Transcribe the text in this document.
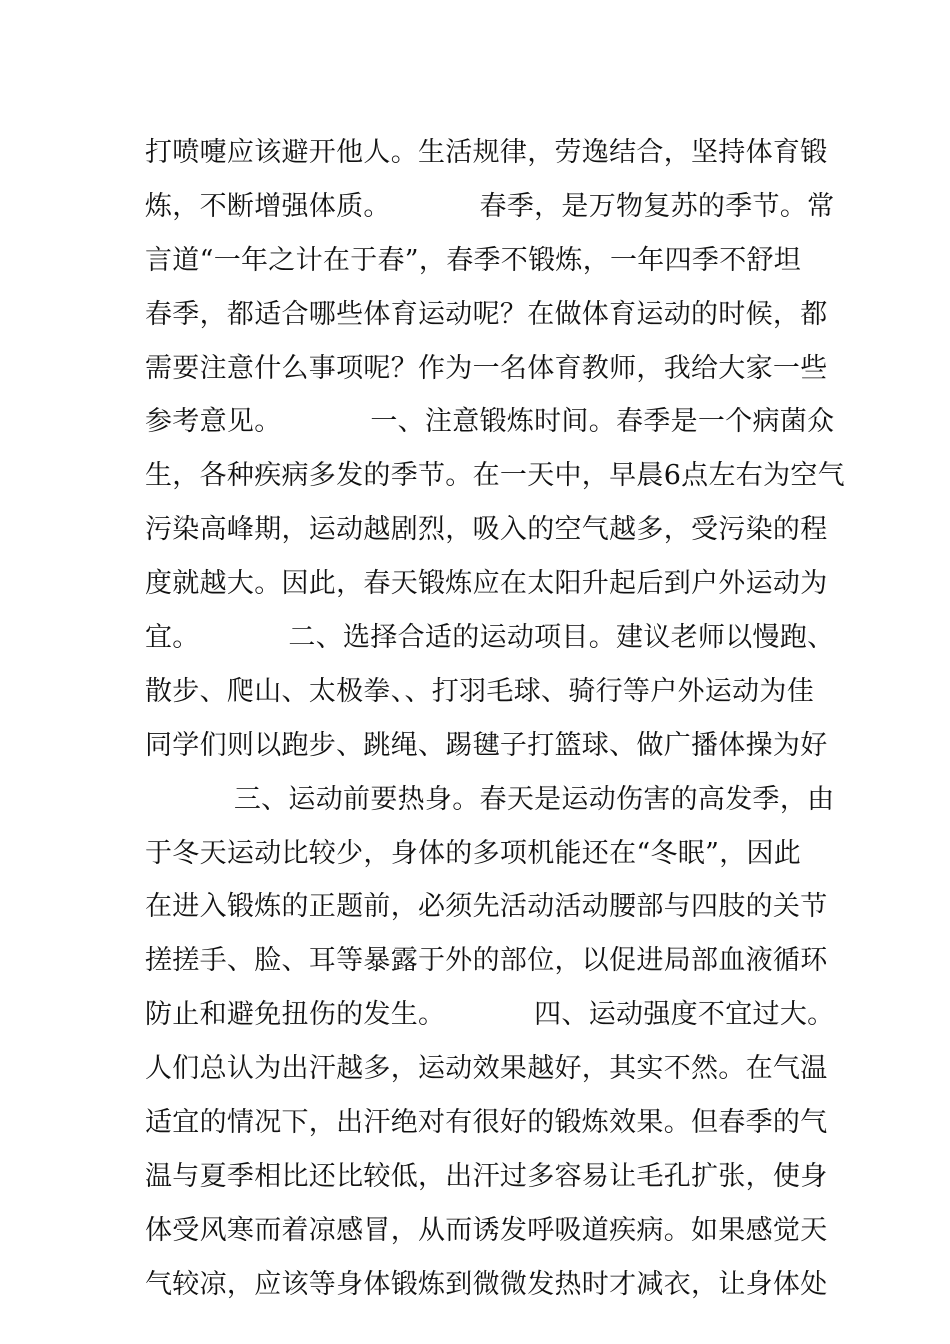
打喷嚏应该避开他人。生活规律，劳逸结合，坚持体育锻
炼，不断增强体质。          春季，是万物复苏的季节。常
言道“一年之计在于春”，春季不锻炼，一年四季不舒坦
春季，都适合哪些体育运动呢？在做体育运动的时候，都
需要注意什么事项呢？作为一名体育教师，我给大家一些
参考意见。          一、注意锻炼时间。春季是一个病菌众
生，各种疾病多发的季节。在一天中，早晨6点左右为空气
污染高峰期，运动越剧烈，吸入的空气越多，受污染的程
度就越大。因此，春天锻炼应在太阳升起后到户外运动为
宜。          二、选择合适的运动项目。建议老师以慢跑、
散步、爬山、太极拳、、打羽毛球、骑行等户外运动为佳
同学们则以跑步、跳绳、踢毽子打篮球、做广播体操为好
三、运动前要热身。春天是运动伤害的高发季，由
于冬天运动比较少，身体的多项机能还在“冬眠”，因此
在进入锻炼的正题前，必须先活动活动腰部与四肢的关节
搓搓手、脸、耳等暴露于外的部位，以促进局部血液循环
防止和避免扭伤的发生。          四、运动强度不宜过大。
人们总认为出汗越多，运动效果越好，其实不然。在气温
适宜的情况下，出汗绝对有很好的锻炼效果。但春季的气
温与夏季相比还比较低，出汗过多容易让毛孔扩张，使身
体受风寒而着凉感冒，从而诱发呼吸道疾病。如果感觉天
气较凉，应该等身体锻炼到微微发热时才减衣，让身体处
